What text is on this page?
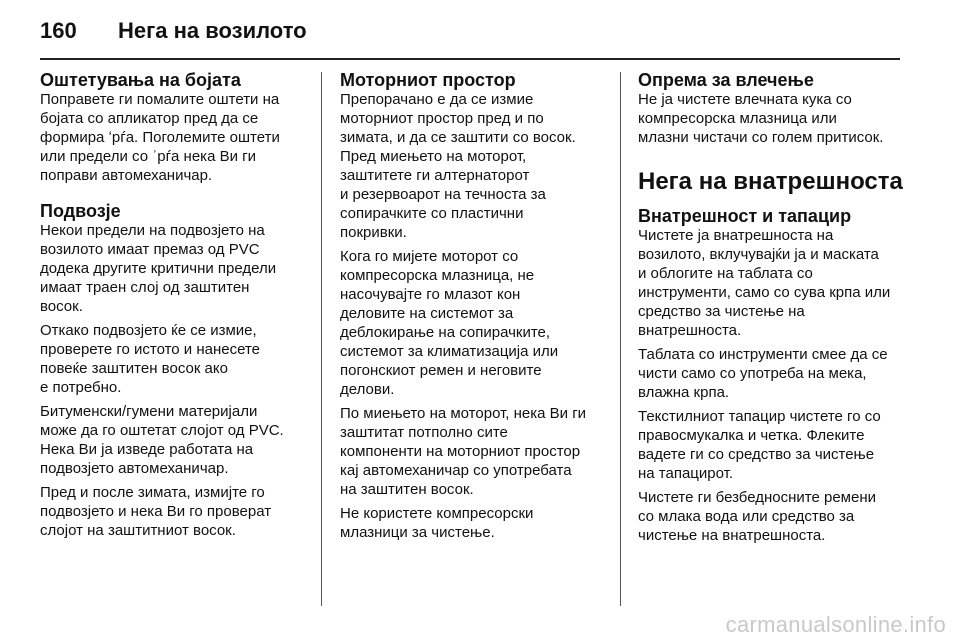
160 Нега на возилото
Оштетувања на бојата

Поправете ги помалите оштети на
бојата со апликатор пред да се
формира ʻрѓа. Поголемите оштети
или предели со ʾрѓа нека Ви ги
поправи автомеханичар.

Подвозје

Некои предели на подвозјето на
возилото имаат премаз од PVC
додека другите критични предели
имаат траен слој од заштитен
восок.

Откако подвозјето ќе се измие,
проверете го истото и нанесете
повеќе заштитен восок ако
е потребно.

Битуменски/гумени материјали
може да го оштетат слојот од PVC.
Нека Ви ја изведе работата на
подвозјето автомеханичар.

Пред и после зимата, измијте го
подвозјето и нека Ви го проверат
слојот на заштитниот восок.

Моторниот простор

Препорачано е да се измие
моторниот простор пред и по
зимата, и да се заштити со восок.
Пред миењето на моторот,
заштитете ги алтернаторот
и резервоарот на течноста за
сопирачките со пластични
покривки.

Кога го мијете моторот со
компресорска млазница, не
насочувајте го млазот кон
деловите на системот за
деблокирање на сопирачките,
системот за климатизација или
погонскиот ремен и неговите
делови.

По миењето на моторот, нека Ви ги
заштитат потполно сите
компоненти на моторниот простор
кај автомеханичар со употребата
на заштитен восок.

Не користете компресорски
млазници за чистење.

Опрема за влечење

Не ја чистете влечната кука со
компресорска млазница или
млазни чистачи со голем притисок.

Нега на внатрешноста
Внатрешност и тапацир

Чистете ја внатрешноста на
возилото, вклучувајќи ја и маската
и облогите на таблата со
инструменти, само со сува крпа или
средство за чистење на
внатрешноста.

Таблата со инструменти смее да се
чисти само со употреба на мека,
влажна крпа.

Текстилниот тапацир чистете го со
правосмукалка и четка. Флеките
вадете ги со средство за чистење
на тапацирот.

Чистете ги безбедносните ремени
со млака вода или средство за
чистење на внатрешноста.

carmanualsonline.info
